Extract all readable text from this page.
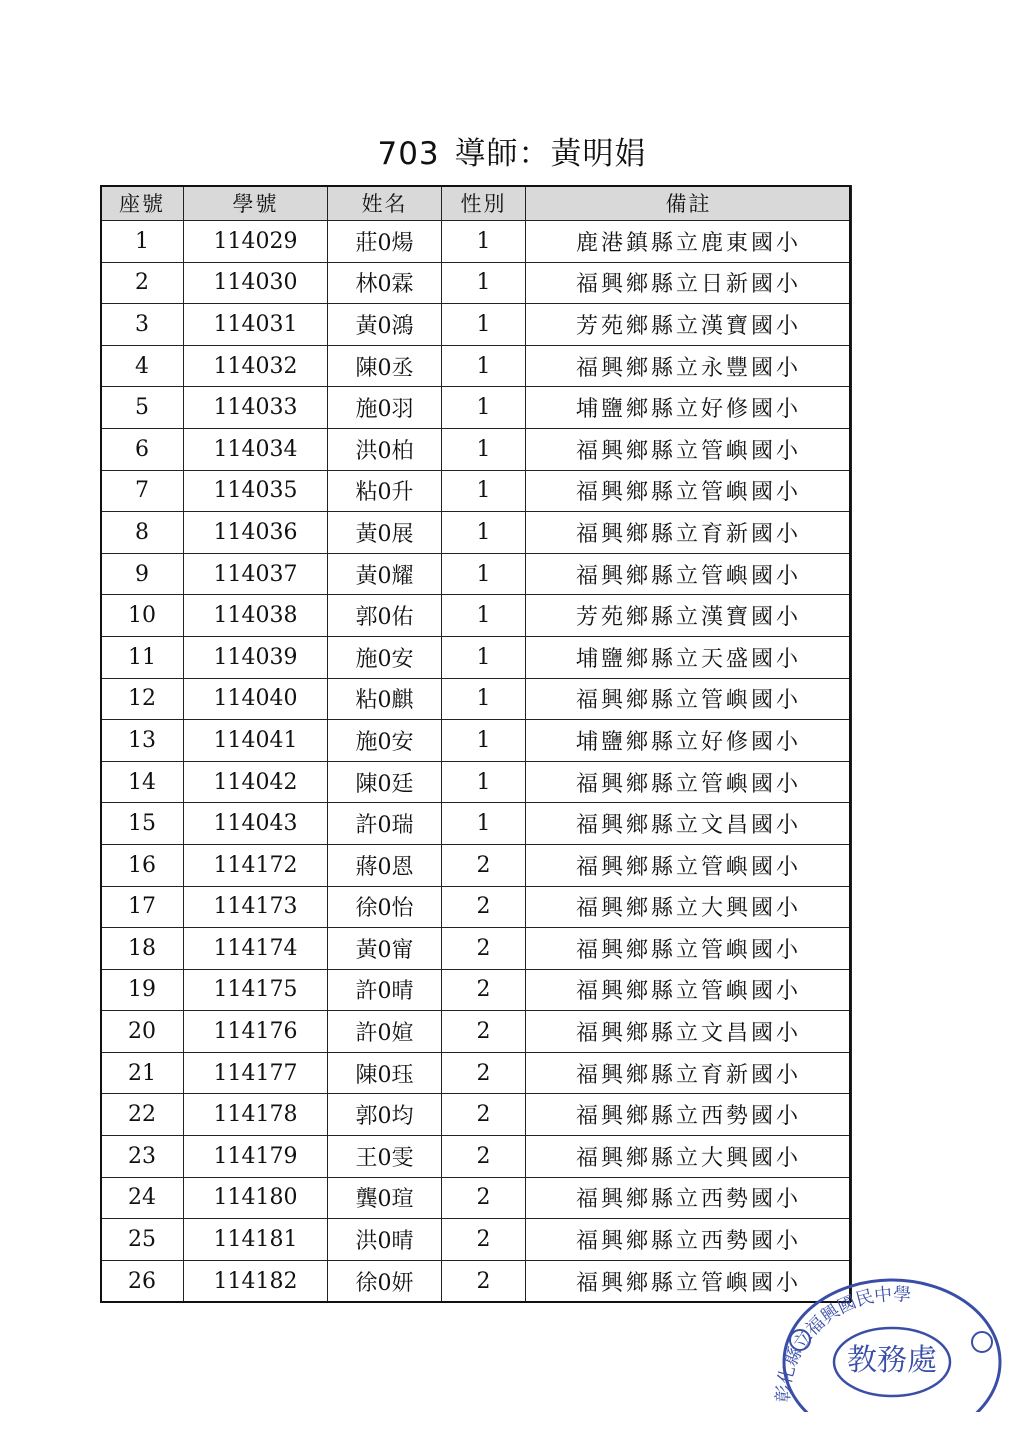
703 導師：黃明娟
座號	學號	姓名	性別	備註
1	114029	莊0煬	1	鹿港鎮縣立鹿東國小
2	114030	林0霖	1	福興鄉縣立日新國小
3	114031	黃0鴻	1	芳苑鄉縣立漢寶國小
4	114032	陳0丞	1	福興鄉縣立永豐國小
5	114033	施0羽	1	埔鹽鄉縣立好修國小
6	114034	洪0柏	1	福興鄉縣立管嶼國小
7	114035	粘0升	1	福興鄉縣立管嶼國小
8	114036	黃0展	1	福興鄉縣立育新國小
9	114037	黃0耀	1	福興鄉縣立管嶼國小
10	114038	郭0佑	1	芳苑鄉縣立漢寶國小
11	114039	施0安	1	埔鹽鄉縣立天盛國小
12	114040	粘0麒	1	福興鄉縣立管嶼國小
13	114041	施0安	1	埔鹽鄉縣立好修國小
14	114042	陳0廷	1	福興鄉縣立管嶼國小
15	114043	許0瑞	1	福興鄉縣立文昌國小
16	114172	蔣0恩	2	福興鄉縣立管嶼國小
17	114173	徐0怡	2	福興鄉縣立大興國小
18	114174	黃0甯	2	福興鄉縣立管嶼國小
19	114175	許0晴	2	福興鄉縣立管嶼國小
20	114176	許0媗	2	福興鄉縣立文昌國小
21	114177	陳0珏	2	福興鄉縣立育新國小
22	114178	郭0均	2	福興鄉縣立西勢國小
23	114179	王0雯	2	福興鄉縣立大興國小
24	114180	龔0瑄	2	福興鄉縣立西勢國小
25	114181	洪0晴	2	福興鄉縣立西勢國小
26	114182	徐0妍	2	福興鄉縣立管嶼國小
教務處
彰化縣立福興國民中學
